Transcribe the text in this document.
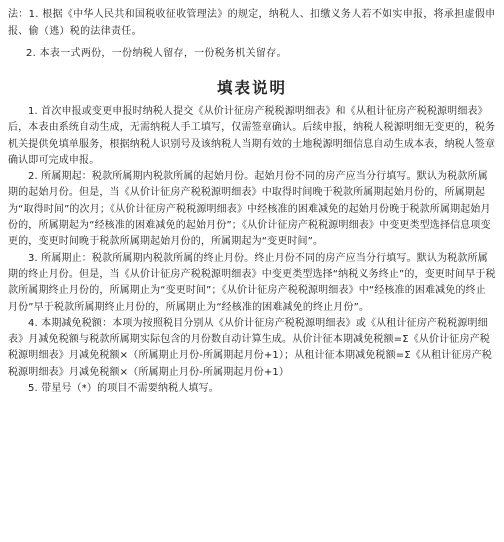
法：1. 根据《中华人民共和国税收征收管理法》的规定，纳税人、扣缴义务人若不如实申报，将承担虚假申报、偷（逃）税的法律责任。

2. 本表一式两份，一份纳税人留存，一份税务机关留存。

填表说明

1. 首次申报或变更申报时纳税人提交《从价计征房产税税源明细表》和《从租计征房产税税源明细表》后，本表由系统自动生成，无需纳税人手工填写，仅需签章确认。后续申报，纳税人税源明细无变更的，税务机关提供免填单服务，根据纳税人识别号及该纳税人当期有效的土地税源明细信息自动生成本表，纳税人签章确认即可完成申报。

2. 所属期起：税款所属期内税款所属的起始月份。起始月份不同的房产应当分行填写。默认为税款所属期的起始月份。但是，当《从价计征房产税税源明细表》中取得时间晚于税款所属期起始月份的，所属期起为“取得时间”的次月；《从价计征房产税税源明细表》中经核准的困难减免的起始月份晚于税款所属期起始月份的，所属期起为“经核准的困难减免的起始月份”；《从价计征房产税税源明细表》中变更类型选择信息项变更的，变更时间晚于税款所属期起始月份的，所属期起为“变更时间”。

3. 所属期止：税款所属期内税款所属的终止月份。终止月份不同的房产应当分行填写。默认为税款所属期的终止月份。但是，当《从价计征房产税税源明细表》中变更类型选择“纳税义务终止”的，变更时间早于税款所属期终止月份的，所属期止为“变更时间”；《从价计征房产税税源明细表》中“经核准的困难减免的终止月份”早于税款所属期终止月份的，所属期止为“经核准的困难减免的终止月份”。

4. 本期减免税额：本项为按照税目分别从《从价计征房产税税源明细表》或《从租计征房产税税源明细表》月减免税额与税款所属期实际包含的月份数自动计算生成。从价计征本期减免税额=Σ《从价计征房产税税源明细表》月减免税额×（所属期止月份-所属期起月份+1）；从租计征本期减免税额=Σ《从租计征房产税税源明细表》月减免税额×（所属期止月份-所属期起月份+1）

5. 带星号（*）的项目不需要纳税人填写。
